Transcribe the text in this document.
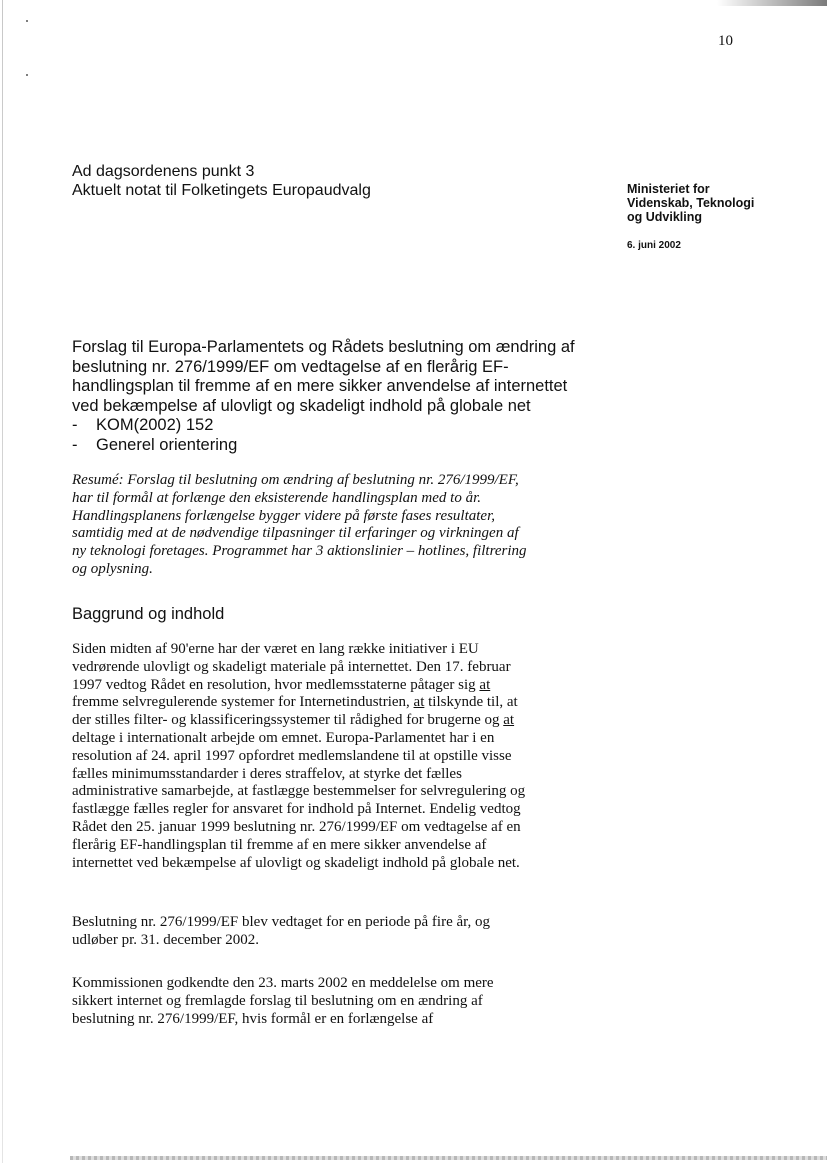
10
Ad dagsordenens punkt 3
Aktuelt notat til Folketingets Europaudvalg	Ministeriet for
Videnskab, Teknologi
og Udvikling
6. juni 2002
Forslag til Europa-Parlamentets og Rådets beslutning om ændring af
beslutning nr. 276/1999/EF om vedtagelse af en flerårig EF-
handlingsplan til fremme af en mere sikker anvendelse af internettet
ved bekæmpelse af ulovligt og skadeligt indhold på globale net
-	KOM(2002) 152
-	Generel orientering
Resumé: Forslag til beslutning om ændring af beslutning nr. 276/1999/EF,
har til formål at forlænge den eksisterende handlingsplan med to år.
Handlingsplanens forlængelse bygger videre på første fases resultater,
samtidig med at de nødvendige tilpasninger til erfaringer og virkningen af
ny teknologi foretages. Programmet har 3 aktionslinier – hotlines, filtrering
og oplysning.
Baggrund og indhold
Siden midten af 90'erne har der været en lang række initiativer i EU
vedrørende ulovligt og skadeligt materiale på internettet. Den 17. februar
1997 vedtog Rådet en resolution, hvor medlemsstaterne påtager sig at
fremme selvregulerende systemer for Internetindustrien, at tilskynde til, at
der stilles filter- og klassificeringssystemer til rådighed for brugerne og at
deltage i internationalt arbejde om emnet. Europa-Parlamentet har i en
resolution af 24. april 1997 opfordret medlemslandene til at opstille visse
fælles minimumsstandarder i deres straffelov, at styrke det fælles
administrative samarbejde, at fastlægge bestemmelser for selvregulering og
fastlægge fælles regler for ansvaret for indhold på Internet. Endelig vedtog
Rådet den 25. januar 1999 beslutning nr. 276/1999/EF om vedtagelse af en
flerårig EF-handlingsplan til fremme af en mere sikker anvendelse af
internettet ved bekæmpelse af ulovligt og skadeligt indhold på globale net.
Beslutning nr. 276/1999/EF blev vedtaget for en periode på fire år, og
udløber pr. 31. december 2002.
Kommissionen godkendte den 23. marts 2002 en meddelelse om mere
sikkert internet og fremlagde forslag til beslutning om en ændring af
beslutning nr. 276/1999/EF, hvis formål er en forlængelse af
